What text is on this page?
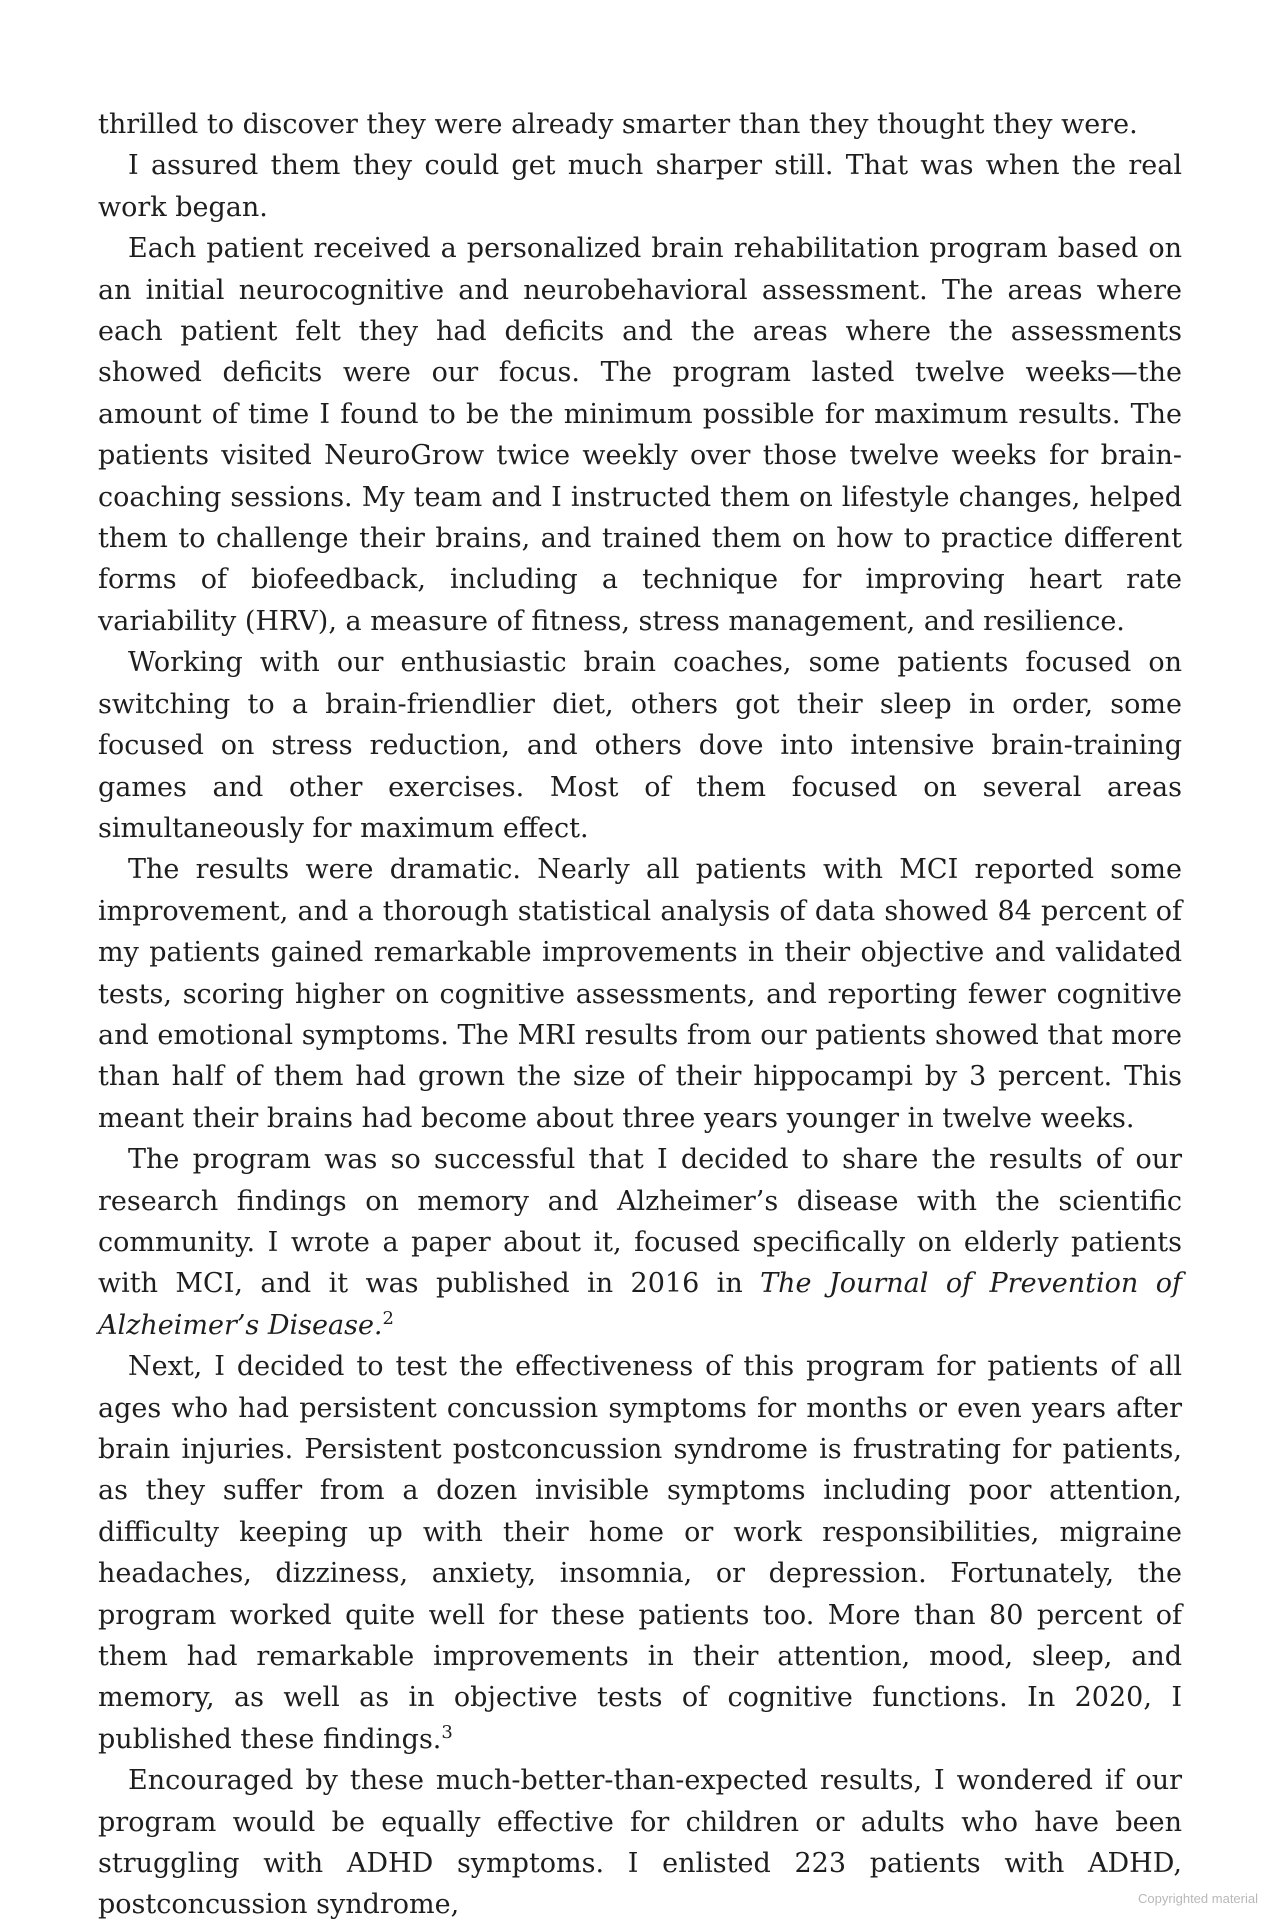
thrilled to discover they were already smarter than they thought they were.

I assured them they could get much sharper still. That was when the real work began.

Each patient received a personalized brain rehabilitation program based on an initial neurocognitive and neurobehavioral assessment. The areas where each patient felt they had deficits and the areas where the assessments showed deficits were our focus. The program lasted twelve weeks—the amount of time I found to be the minimum possible for maximum results. The patients visited NeuroGrow twice weekly over those twelve weeks for brain-coaching sessions. My team and I instructed them on lifestyle changes, helped them to challenge their brains, and trained them on how to practice different forms of biofeedback, including a technique for improving heart rate variability (HRV), a measure of fitness, stress management, and resilience.

Working with our enthusiastic brain coaches, some patients focused on switching to a brain-friendlier diet, others got their sleep in order, some focused on stress reduction, and others dove into intensive brain-training games and other exercises. Most of them focused on several areas simultaneously for maximum effect.

The results were dramatic. Nearly all patients with MCI reported some improvement, and a thorough statistical analysis of data showed 84 percent of my patients gained remarkable improvements in their objective and validated tests, scoring higher on cognitive assessments, and reporting fewer cognitive and emotional symptoms. The MRI results from our patients showed that more than half of them had grown the size of their hippocampi by 3 percent. This meant their brains had become about three years younger in twelve weeks.

The program was so successful that I decided to share the results of our research findings on memory and Alzheimer’s disease with the scientific community. I wrote a paper about it, focused specifically on elderly patients with MCI, and it was published in 2016 in The Journal of Prevention of Alzheimer’s Disease.$^2$

Next, I decided to test the effectiveness of this program for patients of all ages who had persistent concussion symptoms for months or even years after brain injuries. Persistent postconcussion syndrome is frustrating for patients, as they suffer from a dozen invisible symptoms including poor attention, difficulty keeping up with their home or work responsibilities, migraine headaches, dizziness, anxiety, insomnia, or depression. Fortunately, the program worked quite well for these patients too. More than 80 percent of them had remarkable improvements in their attention, mood, sleep, and memory, as well as in objective tests of cognitive functions. In 2020, I published these findings.$^3$

Encouraged by these much-better-than-expected results, I wondered if our program would be equally effective for children or adults who have been struggling with ADHD symptoms. I enlisted 223 patients with ADHD, postconcussion syndrome,	Copyrighted material
